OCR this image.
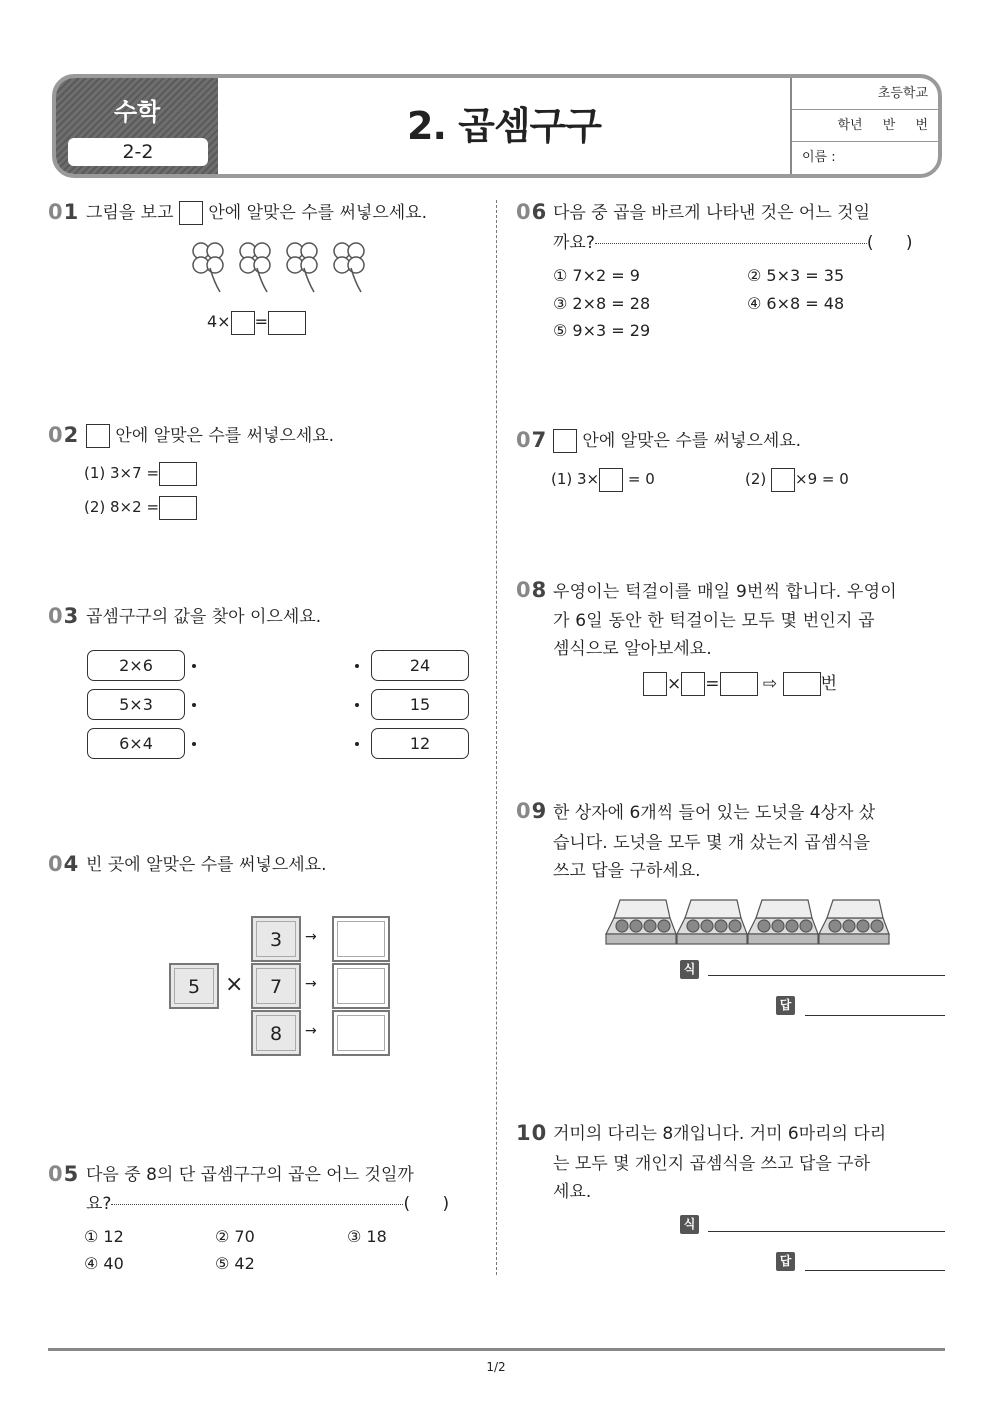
수학
2-2
2. 곱셈구구
초등학교
학년 반 번
이름 :
01 그림을 보고 안에 알맞은 수를 써넣으세요.
4× =
02	안에 알맞은 수를 써넣으세요.
(1) 3×7 =
(2) 8×2 =
03 곱셈구구의 값을 찾아 이으세요.
2×6
5×3
6×4
24
15
12
04 빈 곳에 알맞은 수를 써넣으세요.
5	×
3
7
8
→
→
→
05 다음 중 8의 단 곱셈구구의 곱은 어느 것일까
요?	(      )
① 12	② 70	③ 18
④ 40	⑤ 42
06 다음 중 곱을 바르게 나타낸 것은 어느 것일
까요?	(      )
① 7×2 = 9	② 5×3 = 35
③ 2×8 = 28	④ 6×8 = 48
⑤ 9×3 = 29
07	안에 알맞은 수를 써넣으세요.
(1) 3× = 0	(2) ×9 = 0
08 우영이는 턱걸이를 매일 9번씩 합니다. 우영이
가 6일 동안 한 턱걸이는 모두 몇 번인지 곱
셈식으로 알아보세요.
× =	⇨	번
09 한 상자에 6개씩 들어 있는 도넛을 4상자 샀
습니다. 도넛을 모두 몇 개 샀는지 곱셈식을
쓰고 답을 구하세요.
식
답
10 거미의 다리는 8개입니다. 거미 6마리의 다리
는 모두 몇 개인지 곱셈식을 쓰고 답을 구하
세요.
식
답
1/2
